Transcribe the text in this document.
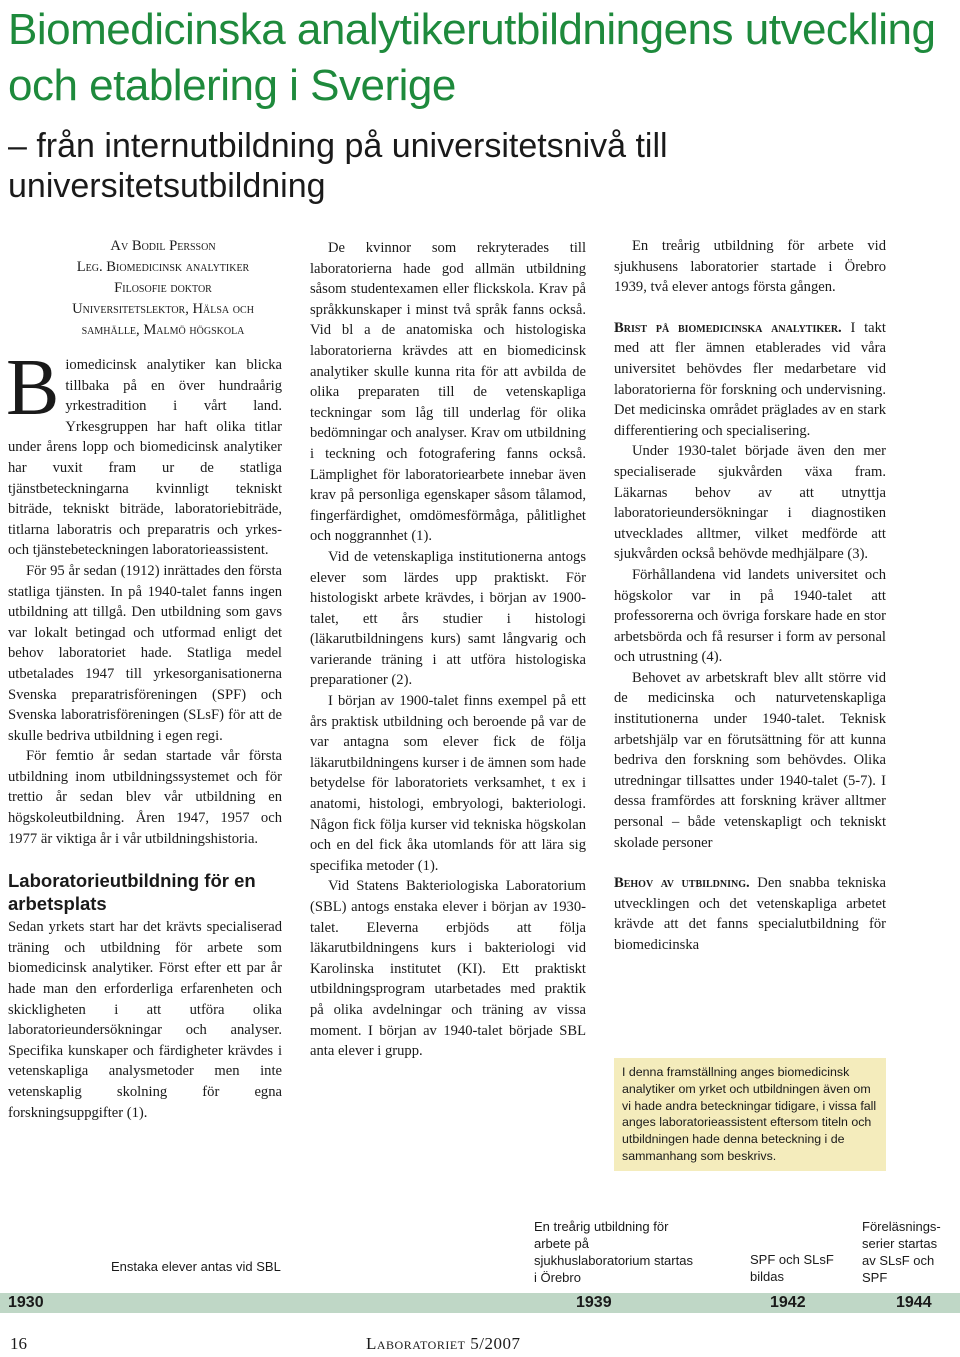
Biomedicinska analytikerutbildningens utveckling och etablering i Sverige
– från internutbildning på universitetsnivå till universitetsutbildning

Av Bodil Persson

Leg. Biomedicinsk analytiker

Filosofie doktor

Universitetslektor, Hälsa och

samhälle, Malmö högskola

Biomedicinsk analytiker kan blicka tillbaka på en över hundraårig yrkestradition i vårt land. Yrkesgruppen har haft olika titlar under årens lopp och biomedicinsk analytiker har vuxit fram ur de statliga tjänstbeteckningarna kvinnligt tekniskt biträde, tekniskt biträde, laboratoriebiträde, titlarna laboratris och preparatris och yrkes- och tjänstebeteckningen laboratorieassistent.

För 95 år sedan (1912) inrättades den första statliga tjänsten. In på 1940-talet fanns ingen utbildning att tillgå. Den utbildning som gavs var lokalt betingad och utformad enligt det behov laboratoriet hade. Statliga medel utbetalades 1947 till yrkesorganisationerna Svenska preparatrisföreningen (SPF) och Svenska laboratrisföreningen (SLsF) för att de skulle bedriva utbildning i egen regi.

För femtio år sedan startade vår första utbildning inom utbildningssystemet och för trettio år sedan blev vår utbildning en högskoleutbildning. Åren 1947, 1957 och 1977 är viktiga år i vår utbildningshistoria.

Laboratorieutbildning för en arbetsplats

Sedan yrkets start har det krävts specialiserad träning och utbildning för arbete som biomedicinsk analytiker. Först efter ett par år hade man den erforderliga erfarenheten och skickligheten i att utföra olika laboratorieundersökningar och analyser. Specifika kunskaper och färdigheter krävdes i vetenskapliga analysmetoder men inte vetenskaplig skolning för egna forskningsuppgifter (1).

De kvinnor som rekryterades till laboratorierna hade god allmän utbildning såsom studentexamen eller flickskola. Krav på språkkunskaper i minst två språk fanns också. Vid bl a de anatomiska och histologiska laboratorierna krävdes att en biomedicinsk analytiker skulle kunna rita för att avbilda de olika preparaten till de vetenskapliga teckningar som låg till underlag för olika bedömningar och analyser. Krav om utbildning i teckning och fotografering fanns också. Lämplighet för laboratoriearbete innebar även krav på personliga egenskaper såsom tålamod, fingerfärdighet, omdömesförmåga, pålitlighet och noggrannhet (1).

Vid de vetenskapliga institutionerna antogs elever som lärdes upp praktiskt. För histologiskt arbete krävdes, i början av 1900-talet, ett års studier i histologi (läkarutbildningens kurs) samt långvarig och varierande träning i att utföra histologiska preparationer (2).

I början av 1900-talet finns exempel på ett års praktisk utbildning och beroende på var de var antagna som elever fick de följa läkarutbildningens kurser i de ämnen som hade betydelse för laboratoriets verksamhet, t ex i anatomi, histologi, embryologi, bakteriologi. Någon fick följa kurser vid tekniska högskolan och en del fick åka utomlands för att lära sig specifika metoder (1).

Vid Statens Bakteriologiska Laboratorium (SBL) antogs enstaka elever i början av 1930-talet. Eleverna erbjöds att följa läkarutbildningens kurs i bakteriologi vid Karolinska institutet (KI). Ett praktiskt utbildningsprogram utarbetades med praktik på olika avdelningar och träning av vissa moment. I början av 1940-talet började SBL anta elever i grupp.

En treårig utbildning för arbete vid sjukhusens laboratorier startade i Örebro 1939, två elever antogs första gången.

Brist på biomedicinska analytiker. I takt med att fler ämnen etablerades vid våra universitet behövdes fler medarbetare vid laboratorierna för forskning och undervisning. Det medicinska området präglades av en stark differentiering och specialisering.

Under 1930-talet började även den mer specialiserade sjukvården växa fram. Läkarnas behov av att utnyttja laboratorieundersökningar i diagnostiken utvecklades alltmer, vilket medförde att sjukvården också behövde medhjälpare (3).

Förhållandena vid landets universitet och högskolor var in på 1940-talet att professorerna och övriga forskare hade en stor arbetsbörda och få resurser i form av personal och utrustning (4).

Behovet av arbetskraft blev allt större vid de medicinska och naturvetenskapliga institutionerna under 1940-talet. Teknisk arbetshjälp var en förutsättning för att kunna bedriva den forskning som behövdes. Olika utredningar tillsattes under 1940-talet (5-7). I dessa framfördes att forskning kräver alltmer personal – både vetenskapligt och tekniskt skolade personer

Behov av utbildning. Den snabba tekniska utvecklingen och det vetenskapliga arbetet krävde att det fanns specialutbildning för biomedicinska

I denna framställning anges biomedicinsk analytiker om yrket och utbildningen även om vi hade andra beteckningar tidigare, i vissa fall anges laboratorieassistent eftersom titeln och utbildningen hade denna beteckning i de sammanhang som beskrivs.
Enstaka elever antas vid SBL
En treårig utbildning för arbete på sjukhuslaboratorium startas i Örebro
SPF och SLsF bildas
Föreläsnings-serier startas av SLsF och SPF
1930	1939	1942	1944
16	Laboratoriet 5/2007
